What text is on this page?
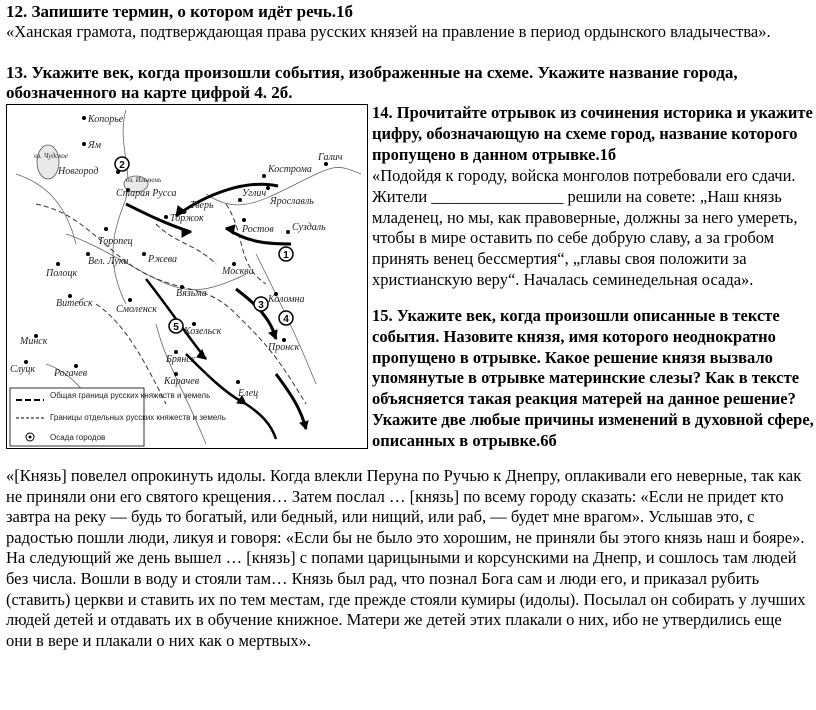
12. Запишите термин, о котором идёт речь.1б
«Ханская грамота, подтверждающая права русских князей на правление в период ордынского владычества».
13. Укажите век, когда произошли события, изображенные на схеме. Укажите название города, обозначенного на карте цифрой 4. 2б.
2
1
3
4
5
Копорье
Ям
оз. Чудское
Новгород
оз. Ильмень
Старая Русса
Торжок
Торопец
Вел. Луки Ржева
Полоцк
Витебск
Смоленск
Вязьма
Минск
Слуцк Рогачев
Козельск
Брянск
Карачев
Елец
Пронск
Коломна
Москва
Тверь
Углич
Ярославль
Кострома
Ростов Суздаль
Галич
Общая граница русских княжеств и земель
Границы отдельных русских княжеств и земель
Осада городов
14. Прочитайте отрывок из сочинения историка и укажите цифру, обозначающую на схеме город, название которого пропущено в данном отрывке.1б
«Подойдя к городу, войска монголов потребовали его сдачи. Жители ________________ решили на совете: „Наш князь младенец, но мы, как правоверные, должны за него умереть, чтобы в мире оставить по себе добрую славу, а за гробом принять венец бессмертия“, „главы своя положити за христианскую веру“. Началась семинедельная осада».
15. Укажите век, когда произошли описанные в тексте события. Назовите князя, имя которого неоднократно пропущено в отрывке. Какое решение князя вызвало упомянутые в отрывке материнские слезы? Как в тексте объясняется такая реакция матерей на данное решение? Укажите две любые причины изменений в духовной сфере, описанных в отрывке.6б
«[Князь] повелел опрокинуть идолы. Когда влекли Перуна по Ручью к Днепру, оплакивали его неверные, так как не приняли они его святого крещения… Затем послал … [князь] по всему городу сказать: «Если не придет кто завтра на реку — будь то богатый, или бедный, или нищий, или раб, — будет мне врагом». Услышав это, с радостью пошли люди, ликуя и говоря: «Если бы не было это хорошим, не приняли бы этого князь наш и бояре». На следующий же день вышел … [князь] с попами царицыными и корсунскими на Днепр, и сошлось там людей без числа. Вошли в воду и стояли там… Князь был рад, что познал Бога сам и люди его, и приказал рубить (ставить) церкви и ставить их по тем местам, где прежде стояли кумиры (идолы). Посылал он собирать у лучших людей детей и отдавать их в обучение книжное. Матери же детей этих плакали о них, ибо не утвердились еще они в вере и плакали о них как о мертвых».
